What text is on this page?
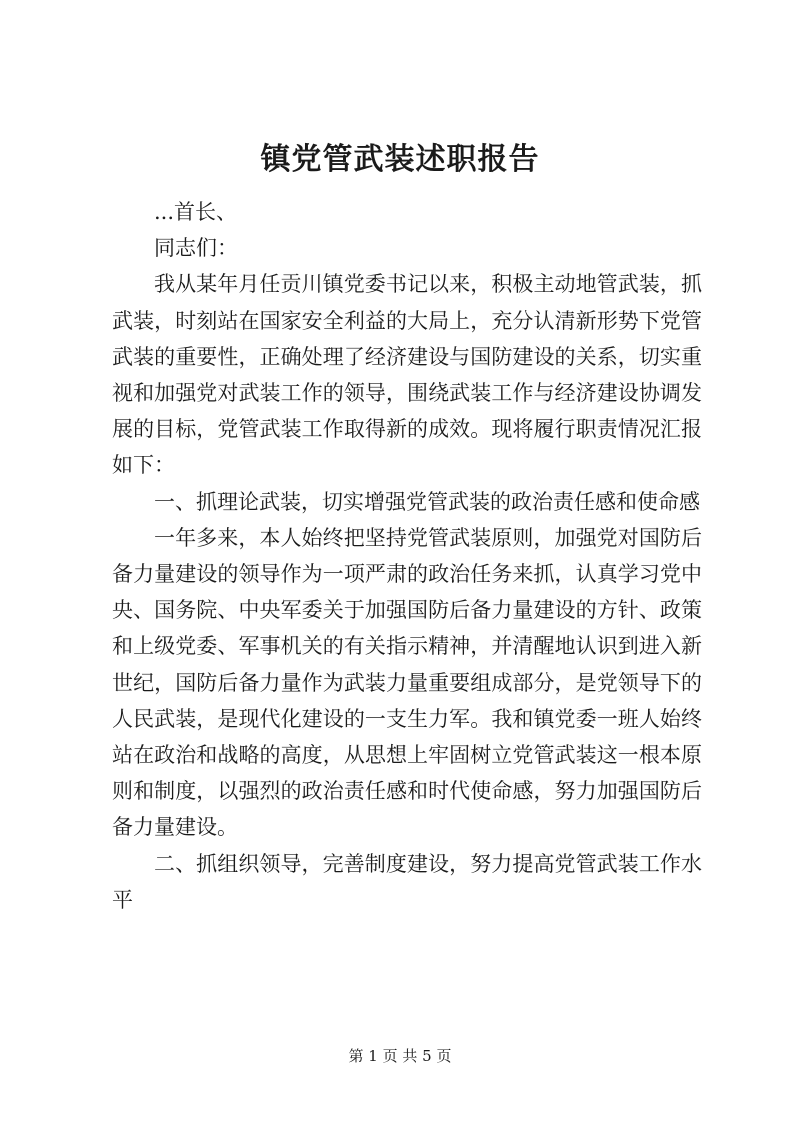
镇党管武装述职报告

...首长、

同志们：

我从某年月任贡川镇党委书记以来，积极主动地管武装，抓武装，时刻站在国家安全利益的大局上，充分认清新形势下党管武装的重要性，正确处理了经济建设与国防建设的关系，切实重视和加强党对武装工作的领导，围绕武装工作与经济建设协调发展的目标，党管武装工作取得新的成效。现将履行职责情况汇报如下：

一、抓理论武装，切实增强党管武装的政治责任感和使命感

一年多来，本人始终把坚持党管武装原则，加强党对国防后备力量建设的领导作为一项严肃的政治任务来抓，认真学习党中央、国务院、中央军委关于加强国防后备力量建设的方针、政策和上级党委、军事机关的有关指示精神，并清醒地认识到进入新世纪，国防后备力量作为武装力量重要组成部分，是党领导下的人民武装，是现代化建设的一支生力军。我和镇党委一班人始终站在政治和战略的高度，从思想上牢固树立党管武装这一根本原则和制度，以强烈的政治责任感和时代使命感，努力加强国防后备力量建设。

二、抓组织领导，完善制度建设，努力提高党管武装工作水平

第 1 页 共 5 页
